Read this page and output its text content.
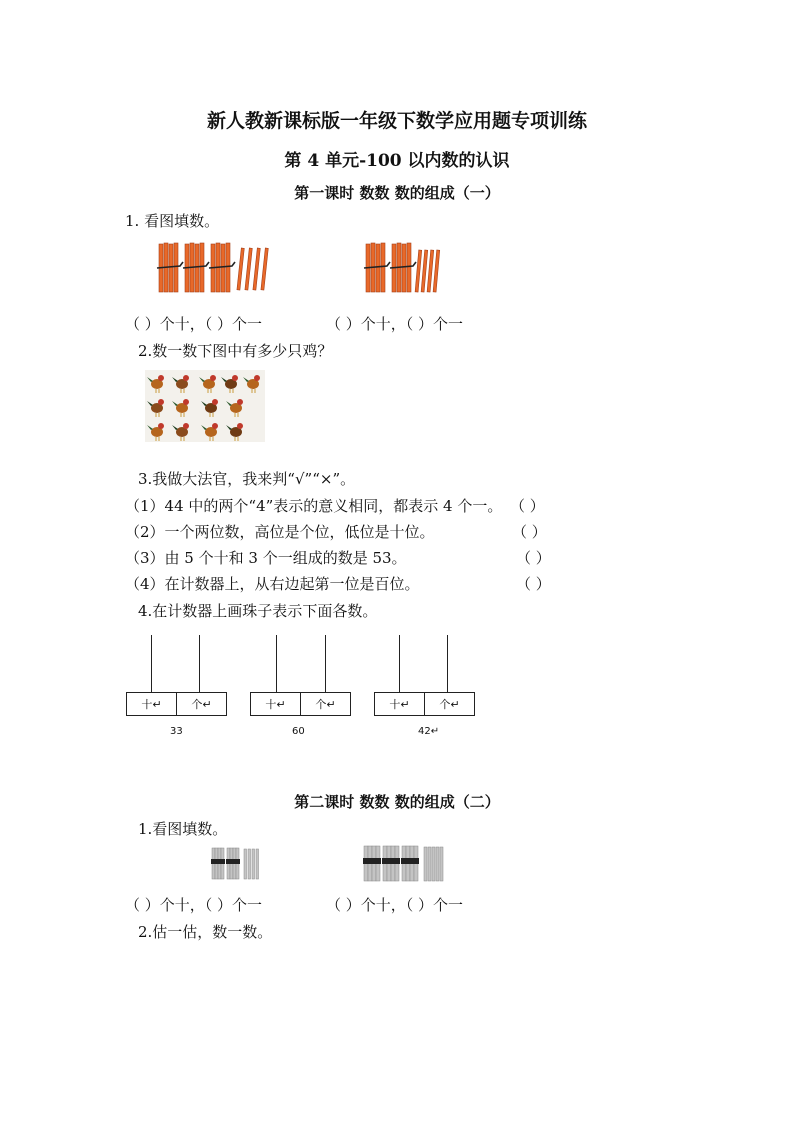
新人教新课标版一年级下数学应用题专项训练
第 4 单元-100 以内数的认识
第一课时 数数 数的组成（一）
1. 看图填数。
（ ）个十，（ ）个一	（ ）个十，（ ）个一
2.数一数下图中有多少只鸡？
3.我做大法官，我来判“√”“×”。
（1）44 中的两个“4”表示的意义相同，都表示 4 个一。 （ ）
（2）一个两位数，高位是个位，低位是十位。	（ ）
（3）由 5 个十和 3 个一组成的数是 53。	（ ）
（4）在计数器上，从右边起第一位是百位。	（ ）
4.在计数器上画珠子表示下面各数。
十↵	个↵
33
十↵	个↵
60
十↵	个↵
42↵
第二课时 数数 数的组成（二）
1.看图填数。
（ ）个十，（ ）个一	（ ）个十，（ ）个一
2.估一估，数一数。
